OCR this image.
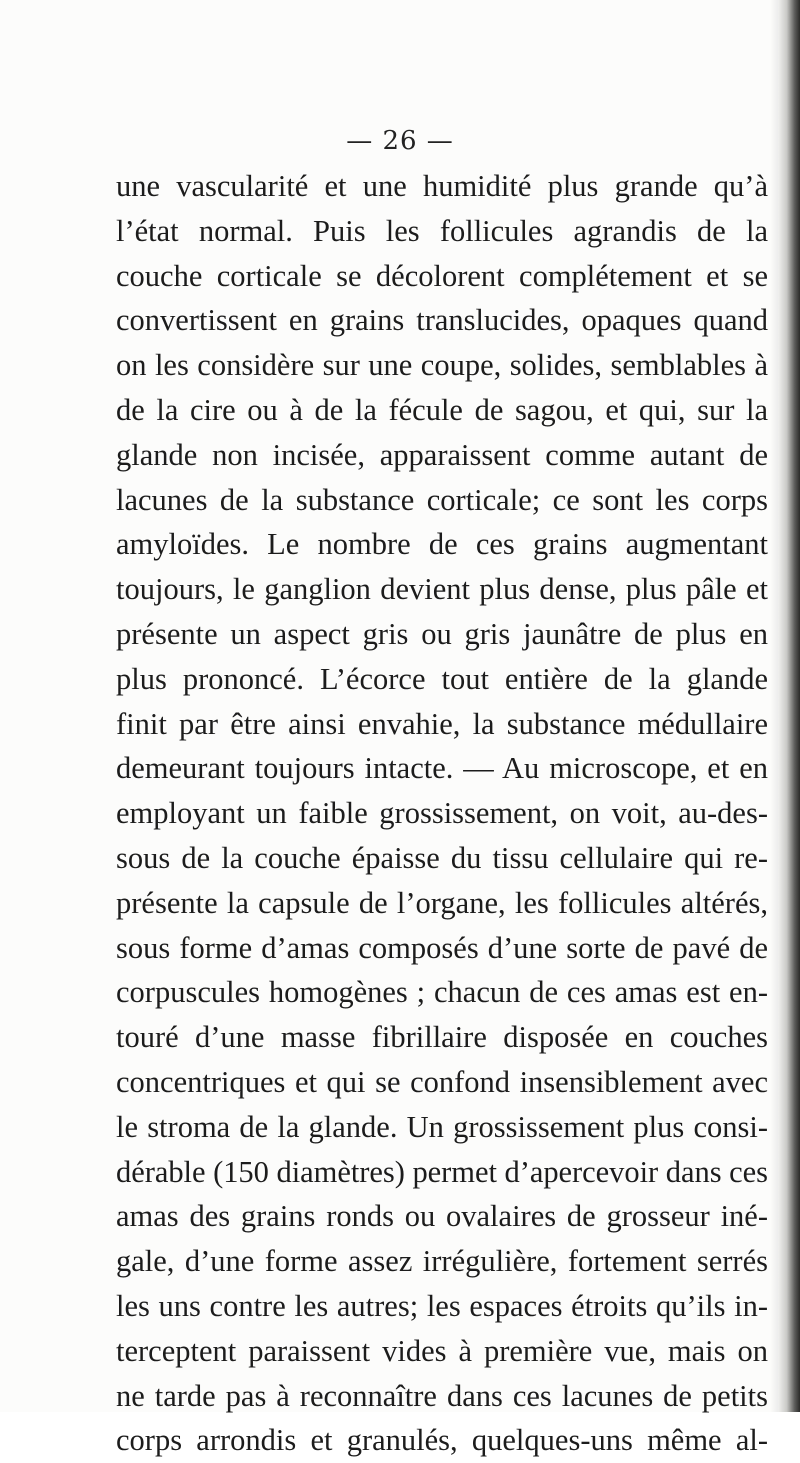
— 26 —
une vascularité et une humidité plus grande qu’à
l’état normal. Puis les follicules agrandis de la
couche corticale se décolorent complétement et se
convertissent en grains translucides, opaques quand
on les considère sur une coupe, solides, semblables à
de la cire ou à de la fécule de sagou, et qui, sur la
glande non incisée, apparaissent comme autant de
lacunes de la substance corticale; ce sont les corps
amyloïdes. Le nombre de ces grains augmentant
toujours, le ganglion devient plus dense, plus pâle et
présente un aspect gris ou gris jaunâtre de plus en
plus prononcé. L’écorce tout entière de la glande
finit par être ainsi envahie, la substance médullaire
demeurant toujours intacte. — Au microscope, et en
employant un faible grossissement, on voit, au-des-
sous de la couche épaisse du tissu cellulaire qui re-
présente la capsule de l’organe, les follicules altérés,
sous forme d’amas composés d’une sorte de pavé de
corpuscules homogènes ; chacun de ces amas est en-
touré d’une masse fibrillaire disposée en couches
concentriques et qui se confond insensiblement avec
le stroma de la glande. Un grossissement plus consi-
dérable (150 diamètres) permet d’apercevoir dans ces
amas des grains ronds ou ovalaires de grosseur iné-
gale, d’une forme assez irrégulière, fortement serrés
les uns contre les autres; les espaces étroits qu’ils in-
terceptent paraissent vides à première vue, mais on
ne tarde pas à reconnaître dans ces lacunes de petits
corps arrondis et granulés, quelques-uns même al-
